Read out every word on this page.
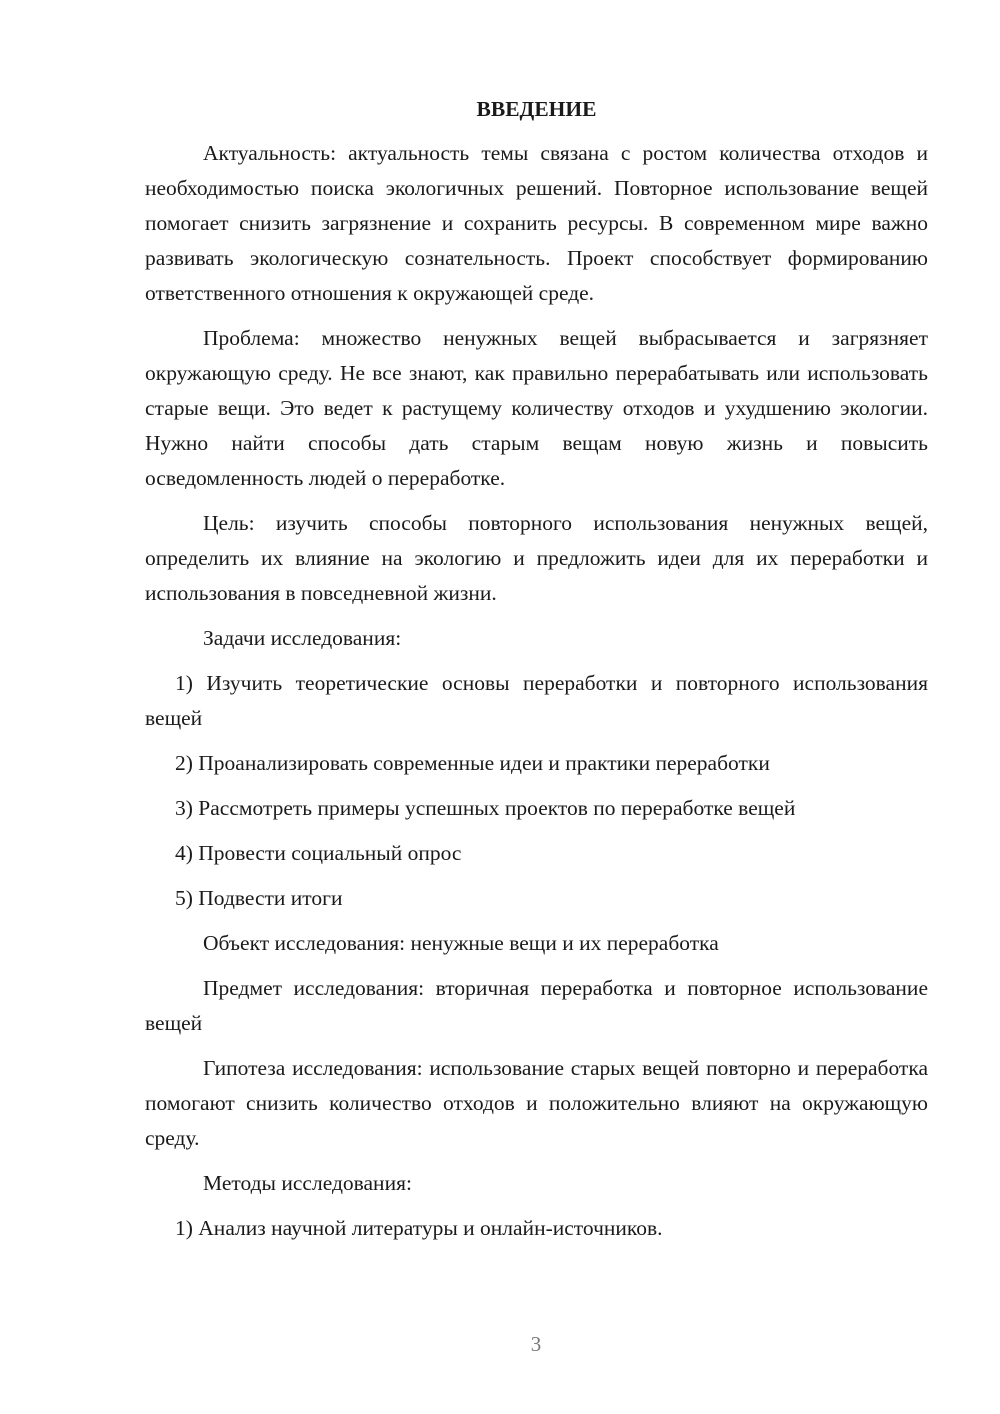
ВВЕДЕНИЕ

Актуальность: актуальность темы связана с ростом количества отходов и необходимостью поиска экологичных решений. Повторное использование вещей помогает снизить загрязнение и сохранить ресурсы. В современном мире важно развивать экологическую сознательность. Проект способствует формированию ответственного отношения к окружающей среде.

Проблема: множество ненужных вещей выбрасывается и загрязняет окружающую среду. Не все знают, как правильно перерабатывать или использовать старые вещи. Это ведет к растущему количеству отходов и ухудшению экологии. Нужно найти способы дать старым вещам новую жизнь и повысить осведомленность людей о переработке.

Цель: изучить способы повторного использования ненужных вещей, определить их влияние на экологию и предложить идеи для их переработки и использования в повседневной жизни.

Задачи исследования:

1) Изучить теоретические основы переработки и повторного использования вещей

2) Проанализировать современные идеи и практики переработки

3) Рассмотреть примеры успешных проектов по переработке вещей

4) Провести социальный опрос

5) Подвести итоги

Объект исследования: ненужные вещи и их переработка

Предмет исследования: вторичная переработка и повторное использование вещей

Гипотеза исследования: использование старых вещей повторно и переработка помогают снизить количество отходов и положительно влияют на окружающую среду.

Методы исследования:

1) Анализ научной литературы и онлайн-источников.

3
